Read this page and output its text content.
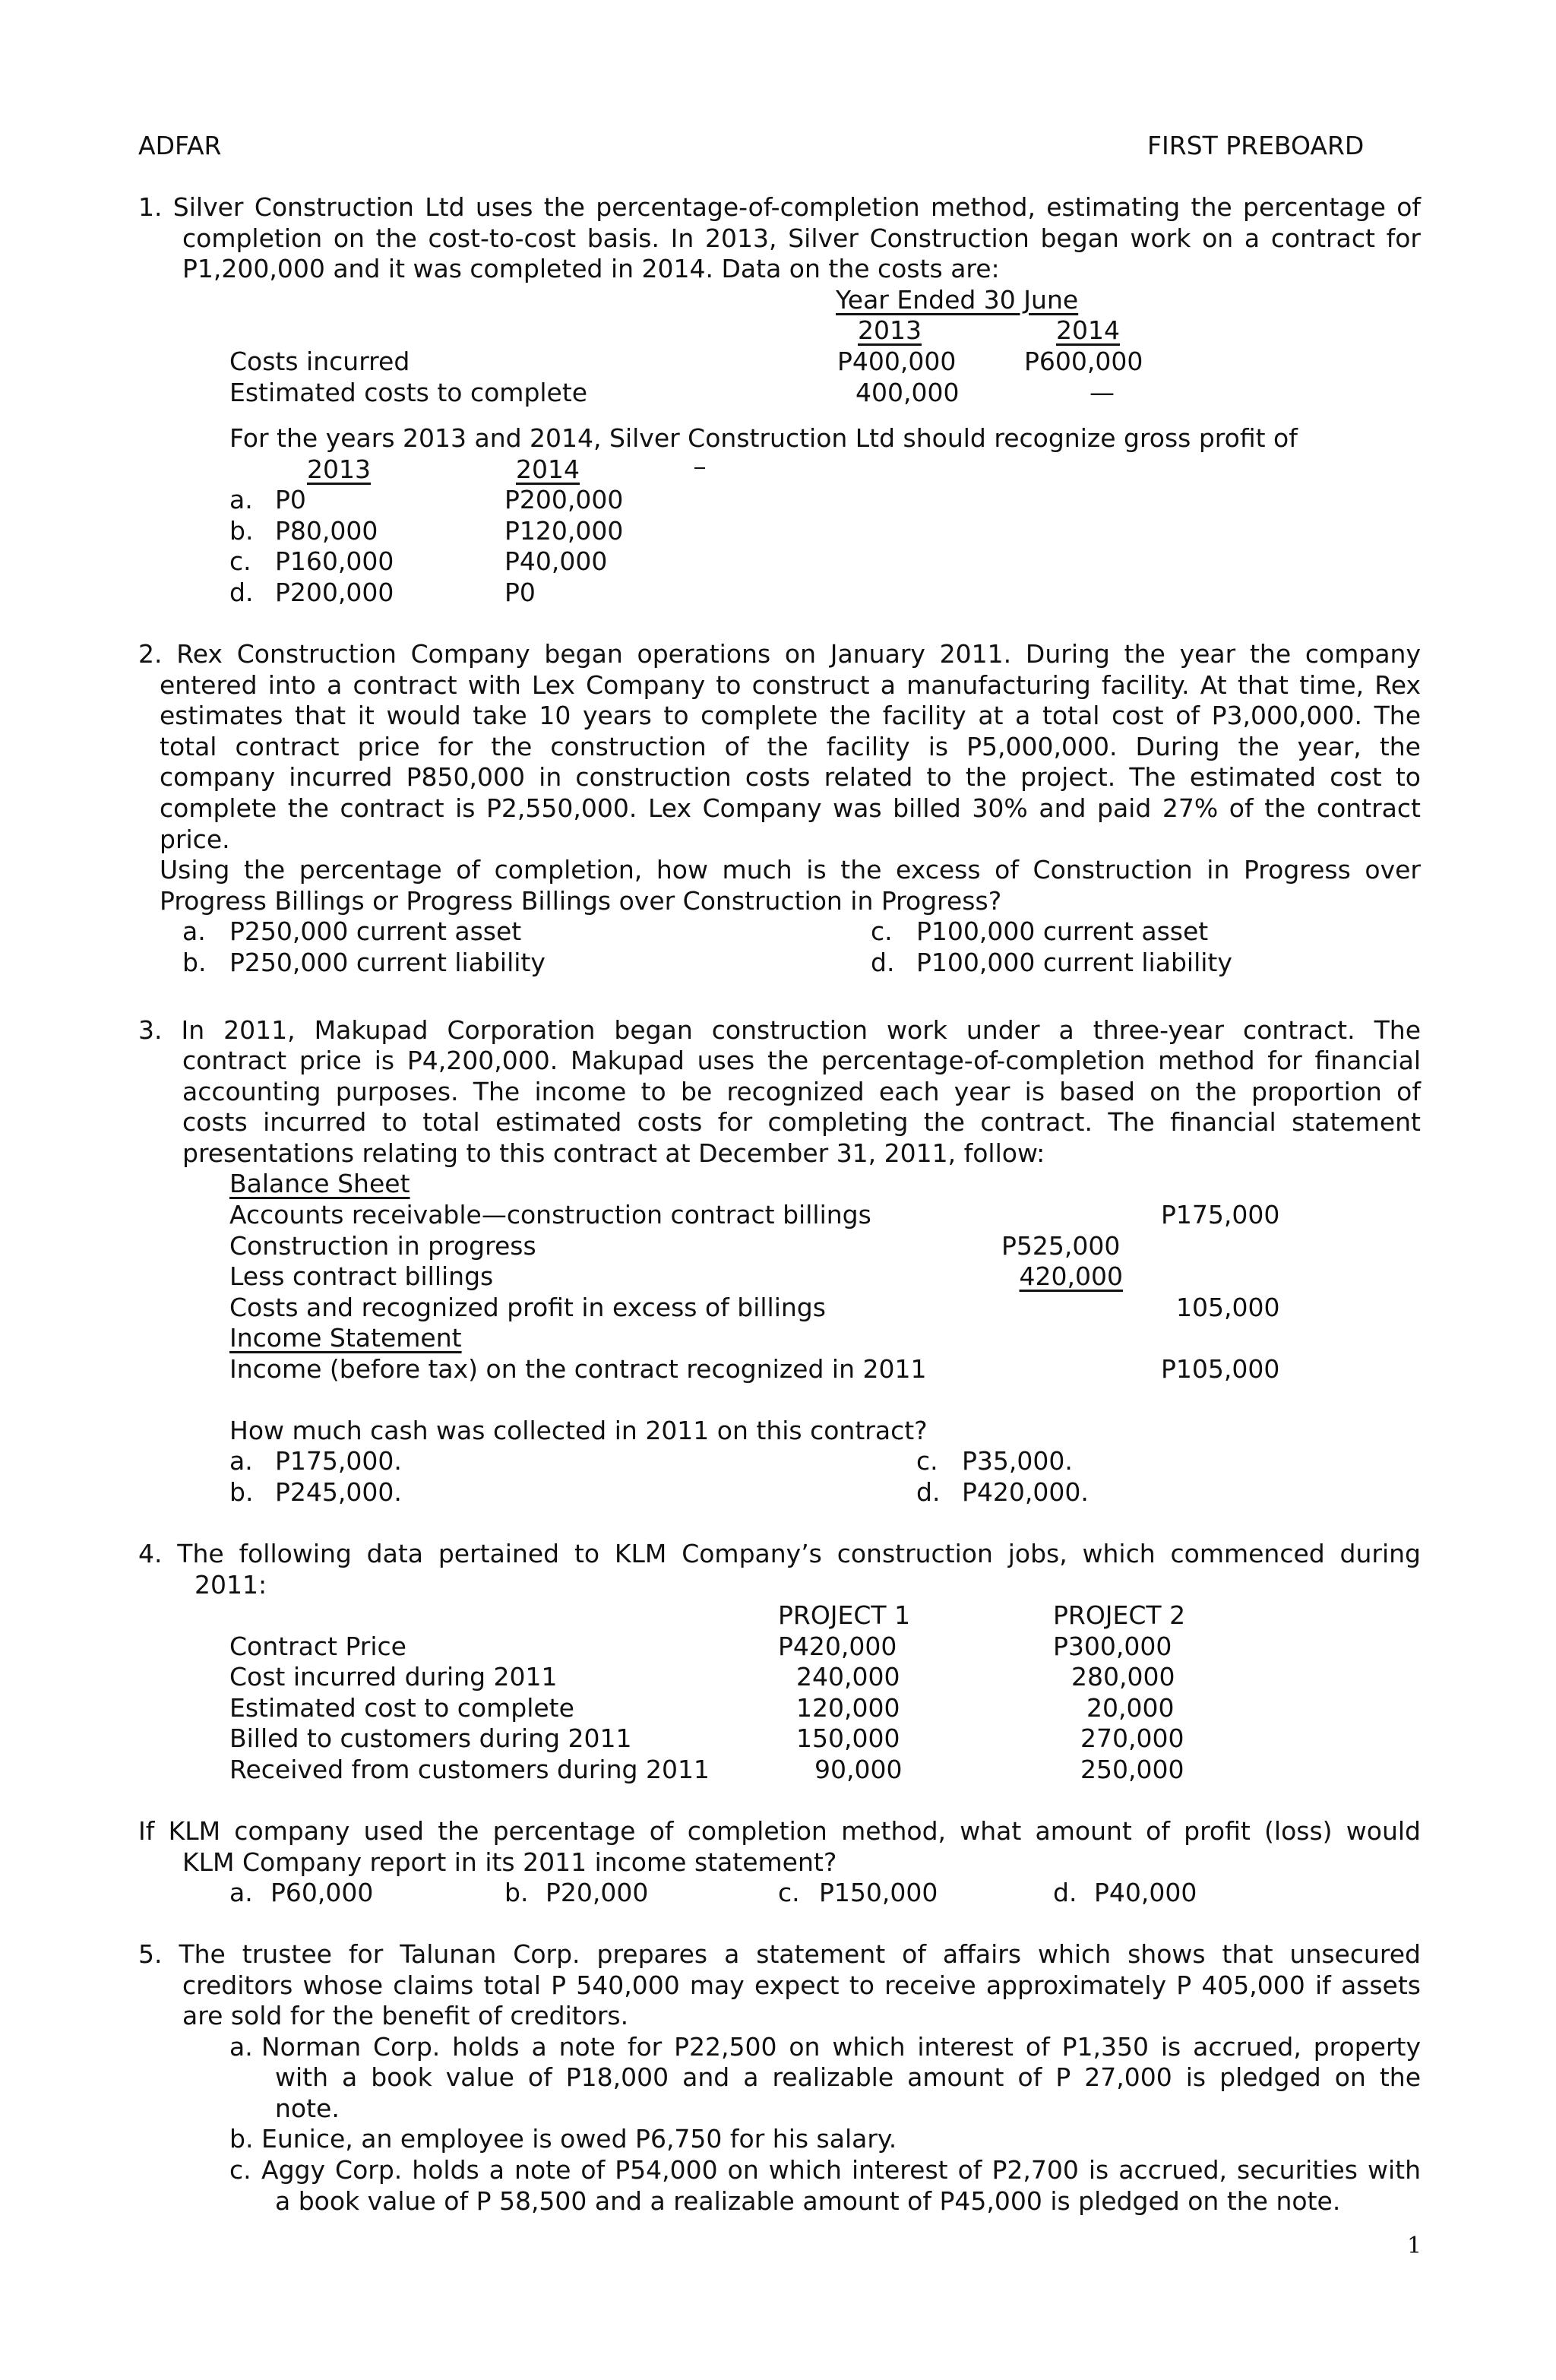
ADFAR	FIRST PREBOARD
1. Silver Construction Ltd uses the percentage-of-completion method, estimating the percentage of
completion on the cost-to-cost basis. In 2013, Silver Construction began work on a contract for
P1,200,000 and it was completed in 2014. Data on the costs are:
Year Ended 30 June
2013	2014
Costs incurred	P400,000	P600,000
Estimated costs to complete	400,000	—
For the years 2013 and 2014, Silver Construction Ltd should recognize gross profit of
2013	2014
a. P0	P200,000
b. P80,000	P120,000
c. P160,000	P40,000
d. P200,000	P0
2. Rex Construction Company began operations on January 2011. During the year the company
entered into a contract with Lex Company to construct a manufacturing facility. At that time, Rex
estimates that it would take 10 years to complete the facility at a total cost of P3,000,000. The
total contract price for the construction of the facility is P5,000,000. During the year, the
company incurred P850,000 in construction costs related to the project. The estimated cost to
complete the contract is P2,550,000. Lex Company was billed 30% and paid 27% of the contract
price.
Using the percentage of completion, how much is the excess of Construction in Progress over
Progress Billings or Progress Billings over Construction in Progress?
a. P250,000 current asset	c. P100,000 current asset
b. P250,000 current liability	d. P100,000 current liability
3. In 2011, Makupad Corporation began construction work under a three-year contract. The
contract price is P4,200,000. Makupad uses the percentage-of-completion method for financial
accounting purposes. The income to be recognized each year is based on the proportion of
costs incurred to total estimated costs for completing the contract. The financial statement
presentations relating to this contract at December 31, 2011, follow:
Balance Sheet
Accounts receivable—construction contract billings	P175,000
Construction in progress	P525,000
Less contract billings	420,000
Costs and recognized profit in excess of billings	105,000
Income Statement
Income (before tax) on the contract recognized in 2011	P105,000
How much cash was collected in 2011 on this contract?
a. P175,000.	c. P35,000.
b. P245,000.	d. P420,000.
4. The following data pertained to KLM Company’s construction jobs, which commenced during
2011:
PROJECT 1	PROJECT 2
Contract Price	P420,000	P300,000
Cost incurred during 2011	240,000	280,000
Estimated cost to complete	120,000	20,000
Billed to customers during 2011	150,000	270,000
Received from customers during 2011	90,000	250,000
If KLM company used the percentage of completion method, what amount of profit (loss) would
KLM Company report in its 2011 income statement?
a. P60,000	b. P20,000	c. P150,000	d. P40,000
5. The trustee for Talunan Corp. prepares a statement of affairs which shows that unsecured
creditors whose claims total P 540,000 may expect to receive approximately P 405,000 if assets
are sold for the benefit of creditors.
a. Norman Corp. holds a note for P22,500 on which interest of P1,350 is accrued, property
with a book value of P18,000 and a realizable amount of P 27,000 is pledged on the
note.
b. Eunice, an employee is owed P6,750 for his salary.
c. Aggy Corp. holds a note of P54,000 on which interest of P2,700 is accrued, securities with
a book value of P 58,500 and a realizable amount of P45,000 is pledged on the note.
1
